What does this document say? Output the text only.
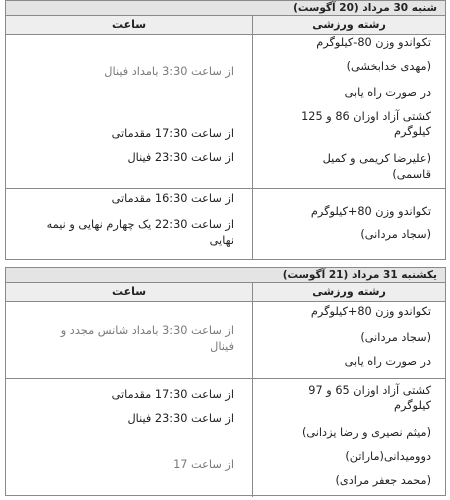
شنبه 30 مرداد (20 آگوست)
رشته ورزشی
ساعت
تکواندو وزن 80-کیلوگرم
(مهدی خدابخشی)
در صورت راه یابی
کشتی آزاد اوزان 86 و 125
کیلوگرم
(علیرضا کریمی و کمیل
قاسمی)
از ساعت 3:30 بامداد فینال
از ساعت 17:30 مقدماتی
از ساعت 23:30 فینال
تکواندو وزن 80+کیلوگرم
(سجاد مردانی)
از ساعت 16:30 مقدماتی
از ساعت 22:30 یک چهارم نهایی و نیمه
نهایی
یکشنبه 31 مرداد (21 آگوست)
رشته ورزشی
ساعت
تکواندو وزن 80+کیلوگرم
(سجاد مردانی)
در صورت راه یابی
از ساعت 3:30 بامداد شانس مجدد و
فینال
کشتی آزاد اوزان 65 و 97
کیلوگرم
(میثم نصیری و رضا یزدانی)
دوومیدانی(ماراتن)
(محمد جعفر مرادی)
از ساعت 17:30 مقدماتی
از ساعت 23:30 فینال
از ساعت 17
